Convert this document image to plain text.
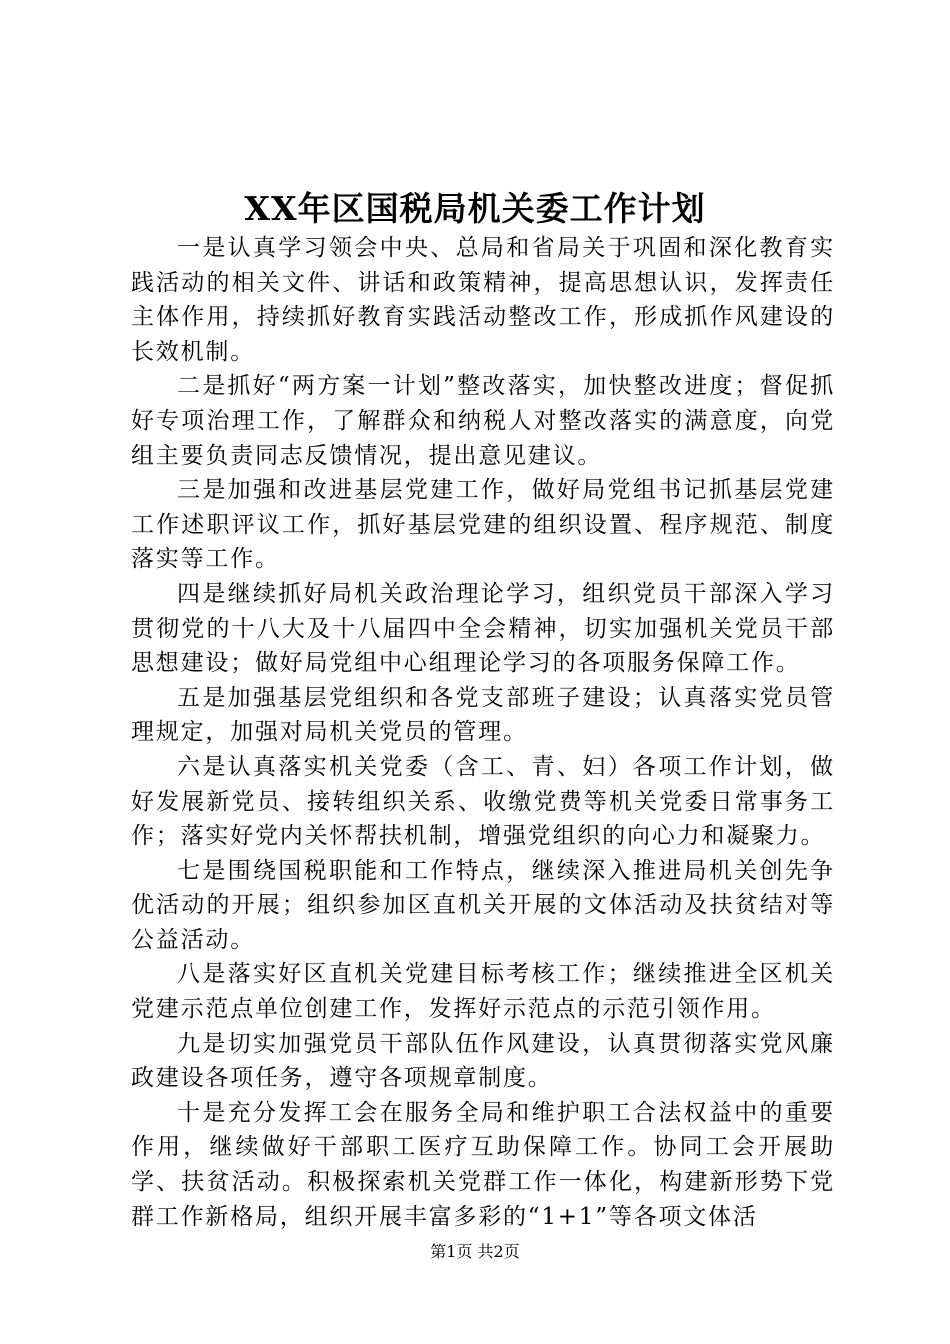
XX年区国税局机关委工作计划

一是认真学习领会中央、总局和省局关于巩固和深化教育实践活动的相关文件、讲话和政策精神，提高思想认识，发挥责任主体作用，持续抓好教育实践活动整改工作，形成抓作风建设的长效机制。

二是抓好“两方案一计划”整改落实，加快整改进度；督促抓好专项治理工作，了解群众和纳税人对整改落实的满意度，向党组主要负责同志反馈情况，提出意见建议。

三是加强和改进基层党建工作，做好局党组书记抓基层党建工作述职评议工作，抓好基层党建的组织设置、程序规范、制度落实等工作。

四是继续抓好局机关政治理论学习，组织党员干部深入学习贯彻党的十八大及十八届四中全会精神，切实加强机关党员干部思想建设；做好局党组中心组理论学习的各项服务保障工作。

五是加强基层党组织和各党支部班子建设；认真落实党员管理规定，加强对局机关党员的管理。

六是认真落实机关党委（含工、青、妇）各项工作计划，做好发展新党员、接转组织关系、收缴党费等机关党委日常事务工作；落实好党内关怀帮扶机制，增强党组织的向心力和凝聚力。

七是围绕国税职能和工作特点，继续深入推进局机关创先争优活动的开展；组织参加区直机关开展的文体活动及扶贫结对等公益活动。

八是落实好区直机关党建目标考核工作；继续推进全区机关党建示范点单位创建工作，发挥好示范点的示范引领作用。

九是切实加强党员干部队伍作风建设，认真贯彻落实党风廉政建设各项任务，遵守各项规章制度。

十是充分发挥工会在服务全局和维护职工合法权益中的重要作用，继续做好干部职工医疗互助保障工作。协同工会开展助学、扶贫活动。积极探索机关党群工作一体化，构建新形势下党群工作新格局，组织开展丰富多彩的“1+1”等各项文体活

第1页 共2页
